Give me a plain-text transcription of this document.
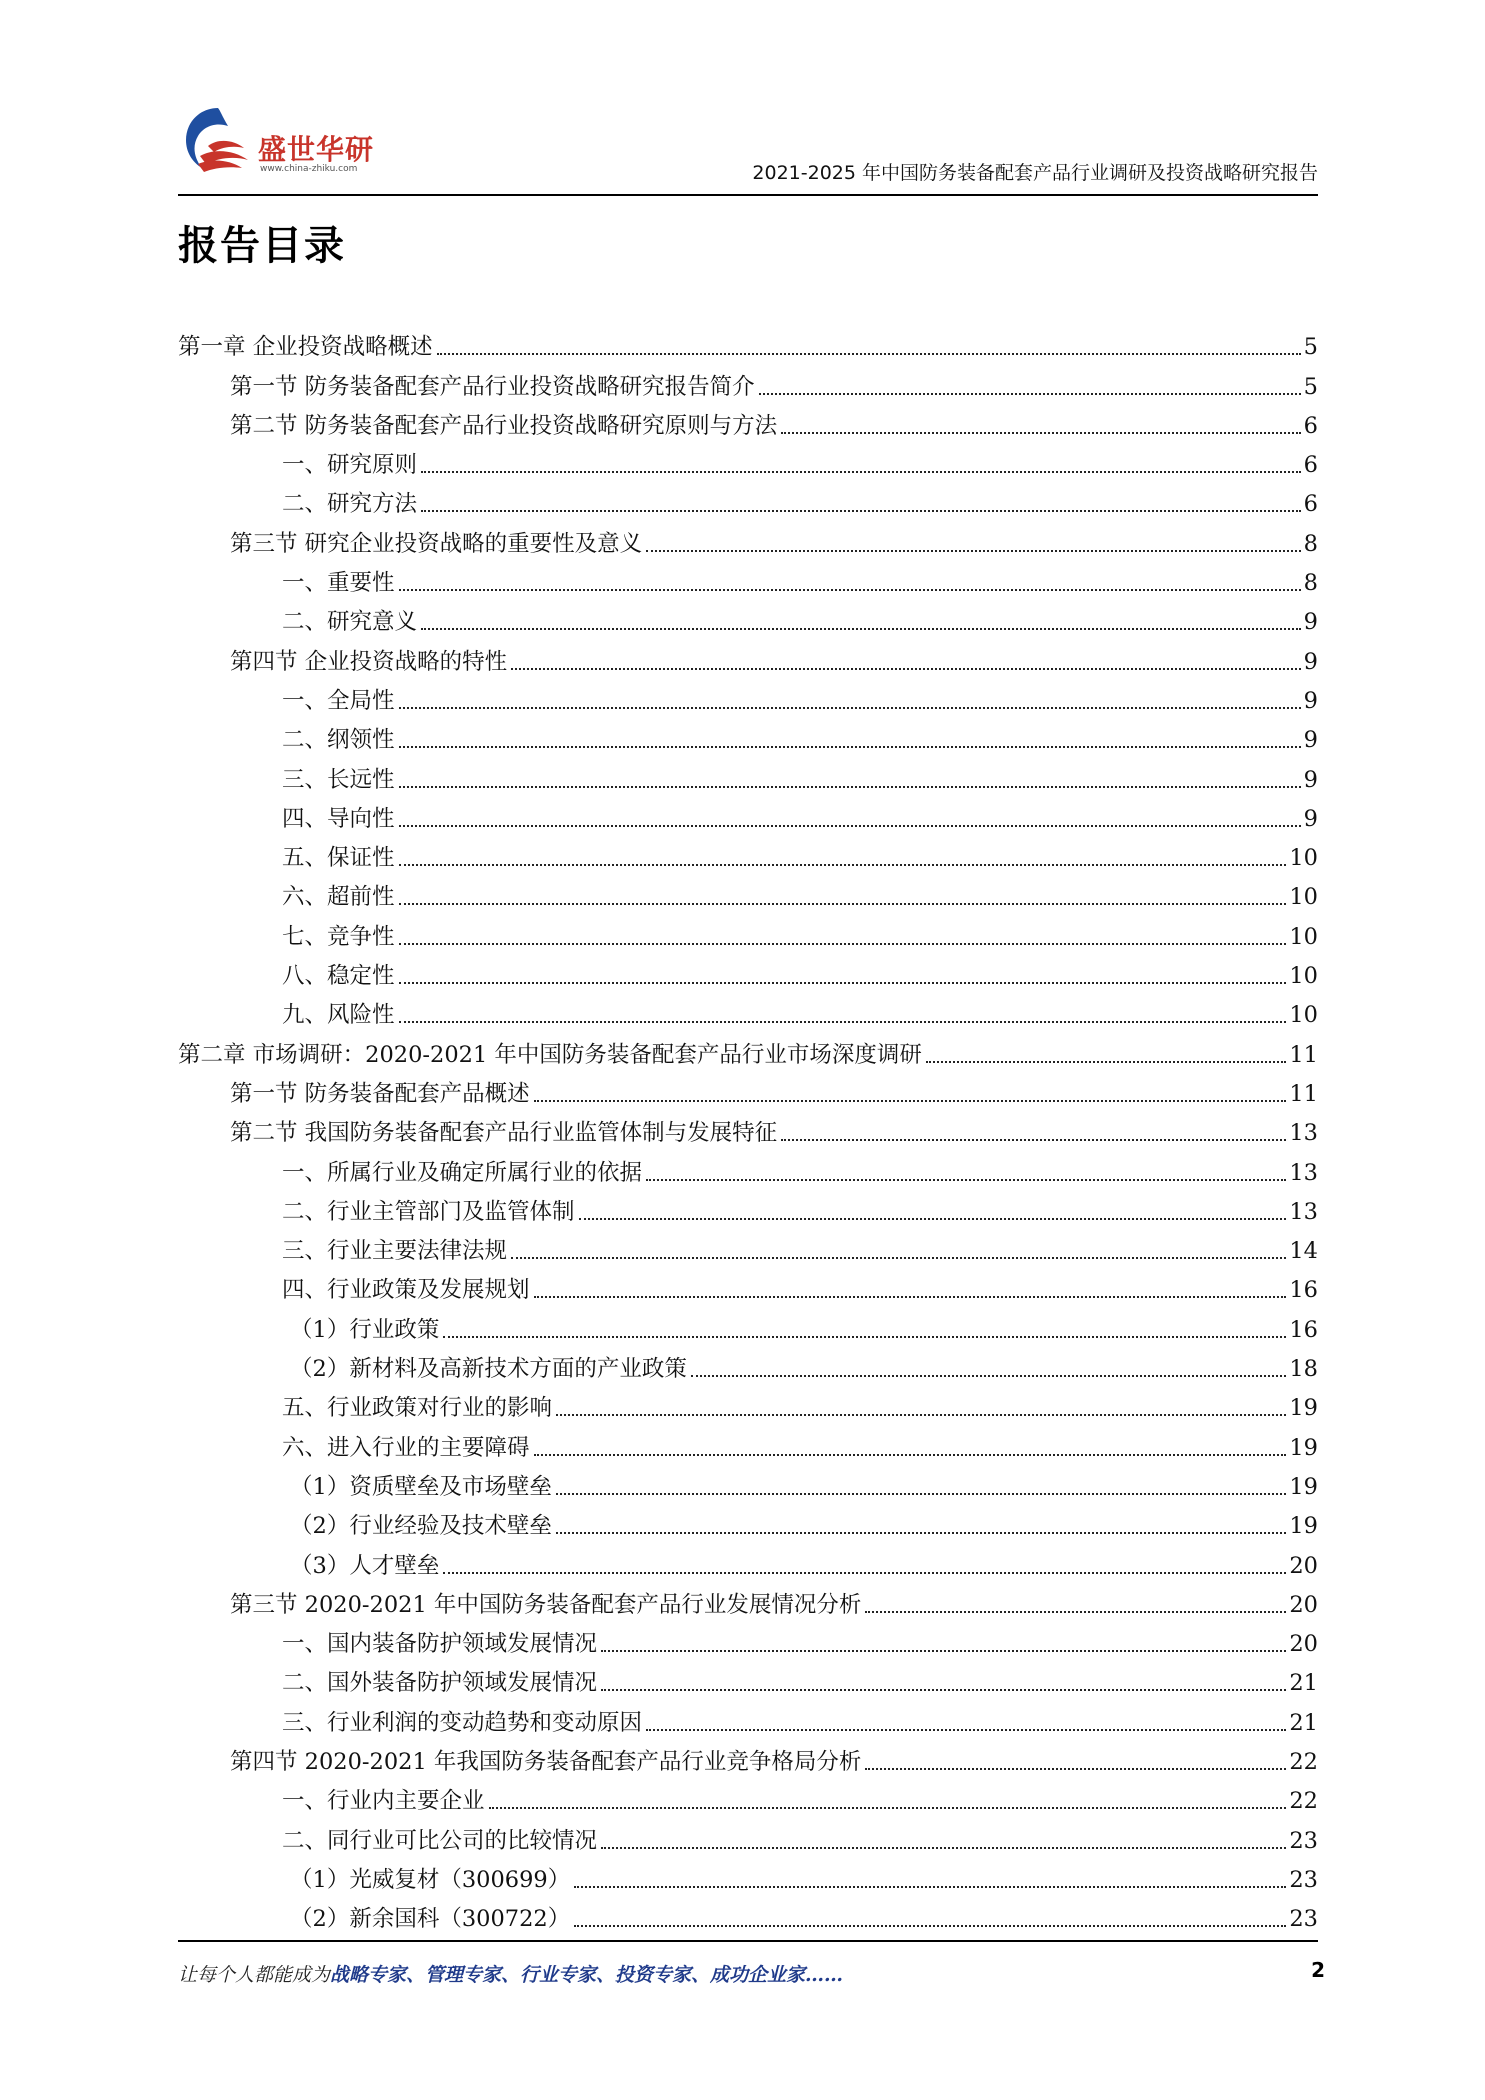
盛世华研
www.china-zhiku.com	2021-2025 年中国防务装备配套产品行业调研及投资战略研究报告
报告目录
第一章 企业投资战略概述	5
第一节 防务装备配套产品行业投资战略研究报告简介	5
第二节 防务装备配套产品行业投资战略研究原则与方法	6
一、研究原则	6
二、研究方法	6
第三节 研究企业投资战略的重要性及意义	8
一、重要性	8
二、研究意义	9
第四节 企业投资战略的特性	9
一、全局性	9
二、纲领性	9
三、长远性	9
四、导向性	9
五、保证性	10
六、超前性	10
七、竞争性	10
八、稳定性	10
九、风险性	10
第二章 市场调研：2020-2021 年中国防务装备配套产品行业市场深度调研	11
第一节 防务装备配套产品概述	11
第二节 我国防务装备配套产品行业监管体制与发展特征	13
一、所属行业及确定所属行业的依据	13
二、行业主管部门及监管体制	13
三、行业主要法律法规	14
四、行业政策及发展规划	16
（1）行业政策	16
（2）新材料及高新技术方面的产业政策	18
五、行业政策对行业的影响	19
六、进入行业的主要障碍	19
（1）资质壁垒及市场壁垒	19
（2）行业经验及技术壁垒	19
（3）人才壁垒	20
第三节 2020-2021 年中国防务装备配套产品行业发展情况分析	20
一、国内装备防护领域发展情况	20
二、国外装备防护领域发展情况	21
三、行业利润的变动趋势和变动原因	21
第四节 2020-2021 年我国防务装备配套产品行业竞争格局分析	22
一、行业内主要企业	22
二、同行业可比公司的比较情况	23
（1）光威复材（300699）	23
（2）新余国科（300722）	23
让每个人都能成为战略专家、管理专家、行业专家、投资专家、成功企业家……	2
